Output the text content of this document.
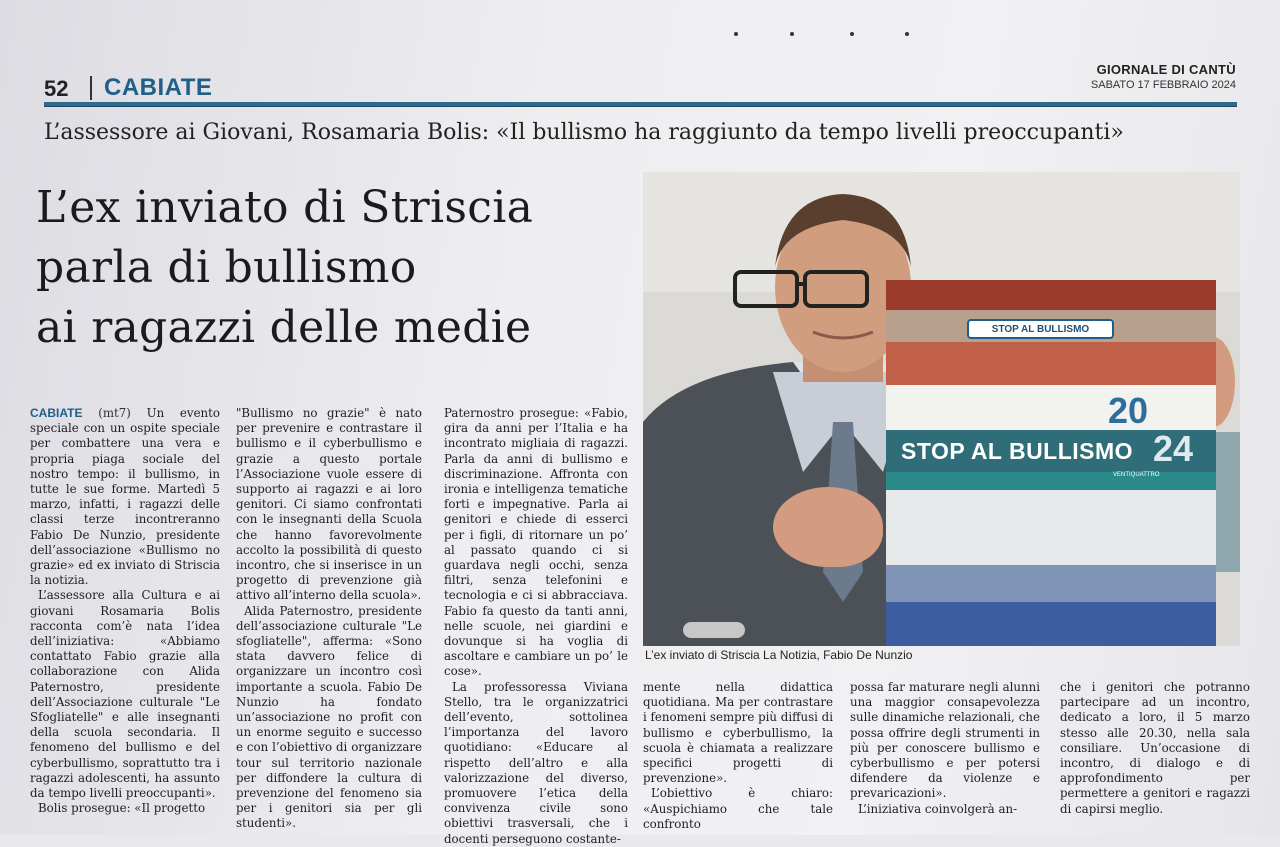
52 CABIATE
GIORNALE DI CANTÙ
SABATO 17 FEBBRAIO 2024
L’assessore ai Giovani, Rosamaria Bolis: «Il bullismo ha raggiunto da tempo livelli preoccupanti»
L’ex inviato di Striscia
parla di bullismo
ai ragazzi delle medie	STOP AL BULLISMO
STOP AL BULLISMO
20
24
VENTIQUATTRO
L’ex inviato di Striscia La Notizia, Fabio De Nunzio

CABIATE (mt7) Un evento speciale con un ospite speciale per combattere una vera e propria piaga sociale del nostro tempo: il bullismo, in tutte le sue forme. Martedì 5 marzo, infatti, i ragazzi delle classi terze incontreranno Fabio De Nunzio, presidente dell’associazione «Bullismo no grazie» ed ex inviato di Striscia la notizia.

L’assessore alla Cultura e ai giovani Rosamaria Bolis racconta com’è nata l’idea dell’iniziativa: «Abbiamo contattato Fabio grazie alla collaborazione con Alida Paternostro, presidente dell’Associazione culturale "Le Sfogliatelle" e alle insegnanti della scuola secondaria. Il fenomeno del bullismo e del cyberbullismo, soprattutto tra i ragazzi adolescenti, ha assunto da tempo livelli preoccupanti».

Bolis prosegue: «Il progetto

"Bullismo no grazie" è nato per prevenire e contrastare il bullismo e il cyberbullismo e grazie a questo portale l’Associazione vuole essere di supporto ai ragazzi e ai loro genitori. Ci siamo confrontati con le insegnanti della Scuola che hanno favorevolmente accolto la possibilità di questo incontro, che si inserisce in un progetto di prevenzione già attivo all’interno della scuola».

Alida Paternostro, presidente dell’associazione culturale "Le sfogliatelle", afferma: «Sono stata davvero felice di organizzare un incontro così importante a scuola. Fabio De Nunzio ha fondato un’associazione no profit con un enorme seguito e successo e con l’obiettivo di organizzare tour sul territorio nazionale per diffondere la cultura di prevenzione del fenomeno sia per i genitori sia per gli studenti».

Paternostro prosegue: «Fabio, gira da anni per l’Italia e ha incontrato migliaia di ragazzi. Parla da anni di bullismo e discriminazione. Affronta con ironia e intelligenza tematiche forti e impegnative. Parla ai genitori e chiede di esserci per i figli, di ritornare un po’ al passato quando ci si guardava negli occhi, senza filtri, senza telefonini e tecnologia e ci si abbracciava. Fabio fa questo da tanti anni, nelle scuole, nei giardini e dovunque si ha voglia di ascoltare e cambiare un po’ le cose».

La professoressa Viviana Stello, tra le organizzatrici dell’evento, sottolinea l’importanza del lavoro quotidiano: «Educare al rispetto dell’altro e alla valorizzazione del diverso, promuovere l’etica della convivenza civile sono obiettivi trasversali, che i docenti perseguono costante-

mente nella didattica quotidiana. Ma per contrastare i fenomeni sempre più diffusi di bullismo e cyberbullismo, la scuola è chiamata a realizzare specifici progetti di prevenzione».

L’obiettivo è chiaro: «Auspichiamo che tale confronto

possa far maturare negli alunni una maggior consapevolezza sulle dinamiche relazionali, che possa offrire degli strumenti in più per conoscere bullismo e cyberbullismo e per potersi difendere da violenze e prevaricazioni».

L’iniziativa coinvolgerà an-

che i genitori che potranno partecipare ad un incontro, dedicato a loro, il 5 marzo stesso alle 20.30, nella sala consiliare. Un’occasione di incontro, di dialogo e di approfondimento per permettere a genitori e ragazzi di capirsi meglio.
